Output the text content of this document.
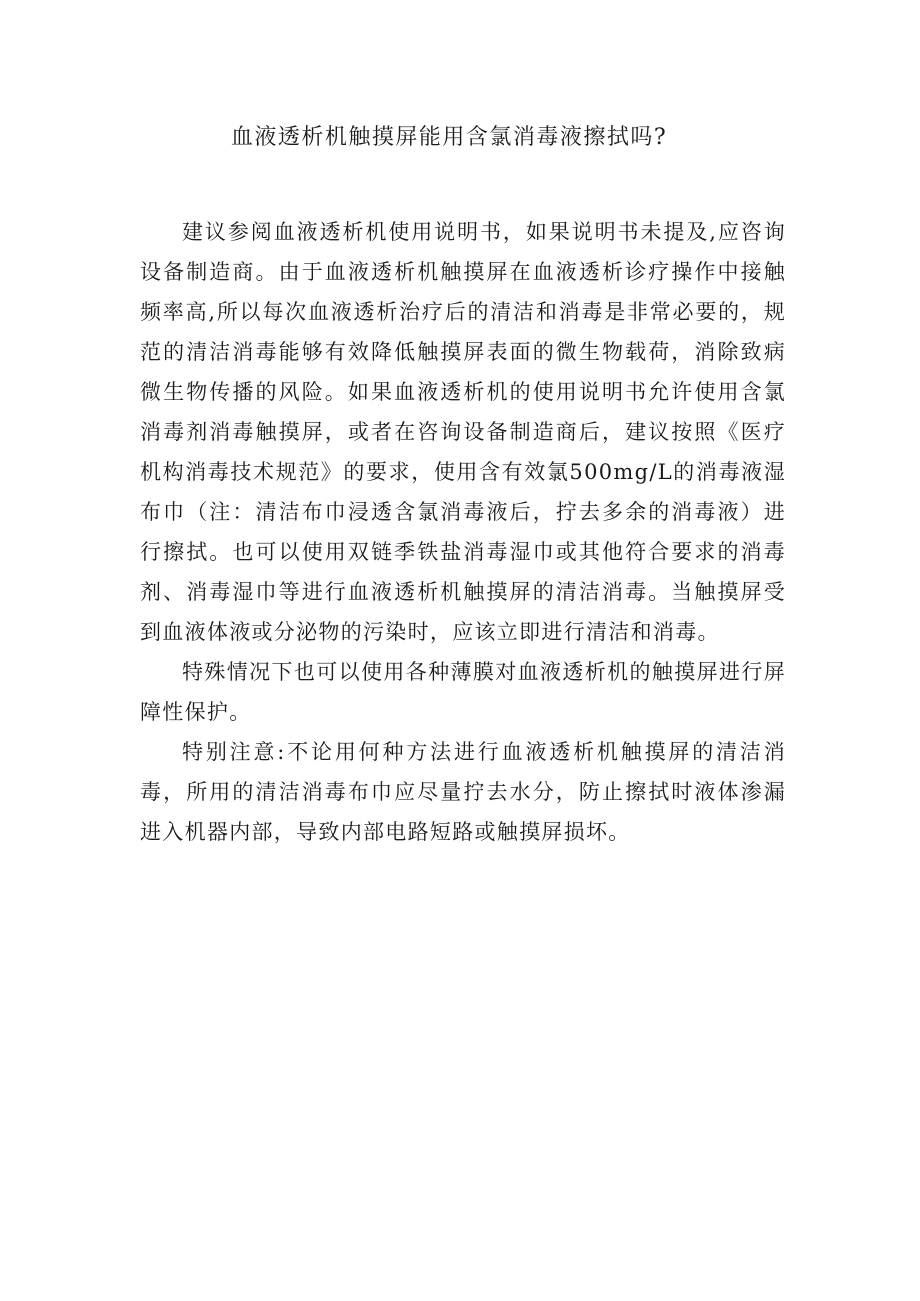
血液透析机触摸屏能用含氯消毒液擦拭吗?

建议参阅血液透析机使用说明书，如果说明书未提及,应咨询设备制造商。由于血液透析机触摸屏在血液透析诊疗操作中接触频率高,所以每次血液透析治疗后的清洁和消毒是非常必要的，规范的清洁消毒能够有效降低触摸屏表面的微生物载荷，消除致病微生物传播的风险。如果血液透析机的使用说明书允许使用含氯消毒剂消毒触摸屏，或者在咨询设备制造商后，建议按照《医疗机构消毒技术规范》的要求，使用含有效氯500mg/L的消毒液湿布巾（注：清洁布巾浸透含氯消毒液后，拧去多余的消毒液）进行擦拭。也可以使用双链季铁盐消毒湿巾或其他符合要求的消毒剂、消毒湿巾等进行血液透析机触摸屏的清洁消毒。当触摸屏受到血液体液或分泌物的污染时，应该立即进行清洁和消毒。

特殊情况下也可以使用各种薄膜对血液透析机的触摸屏进行屏障性保护。

特别注意:不论用何种方法进行血液透析机触摸屏的清洁消毒，所用的清洁消毒布巾应尽量拧去水分，防止擦拭时液体渗漏进入机器内部，导致内部电路短路或触摸屏损坏。
